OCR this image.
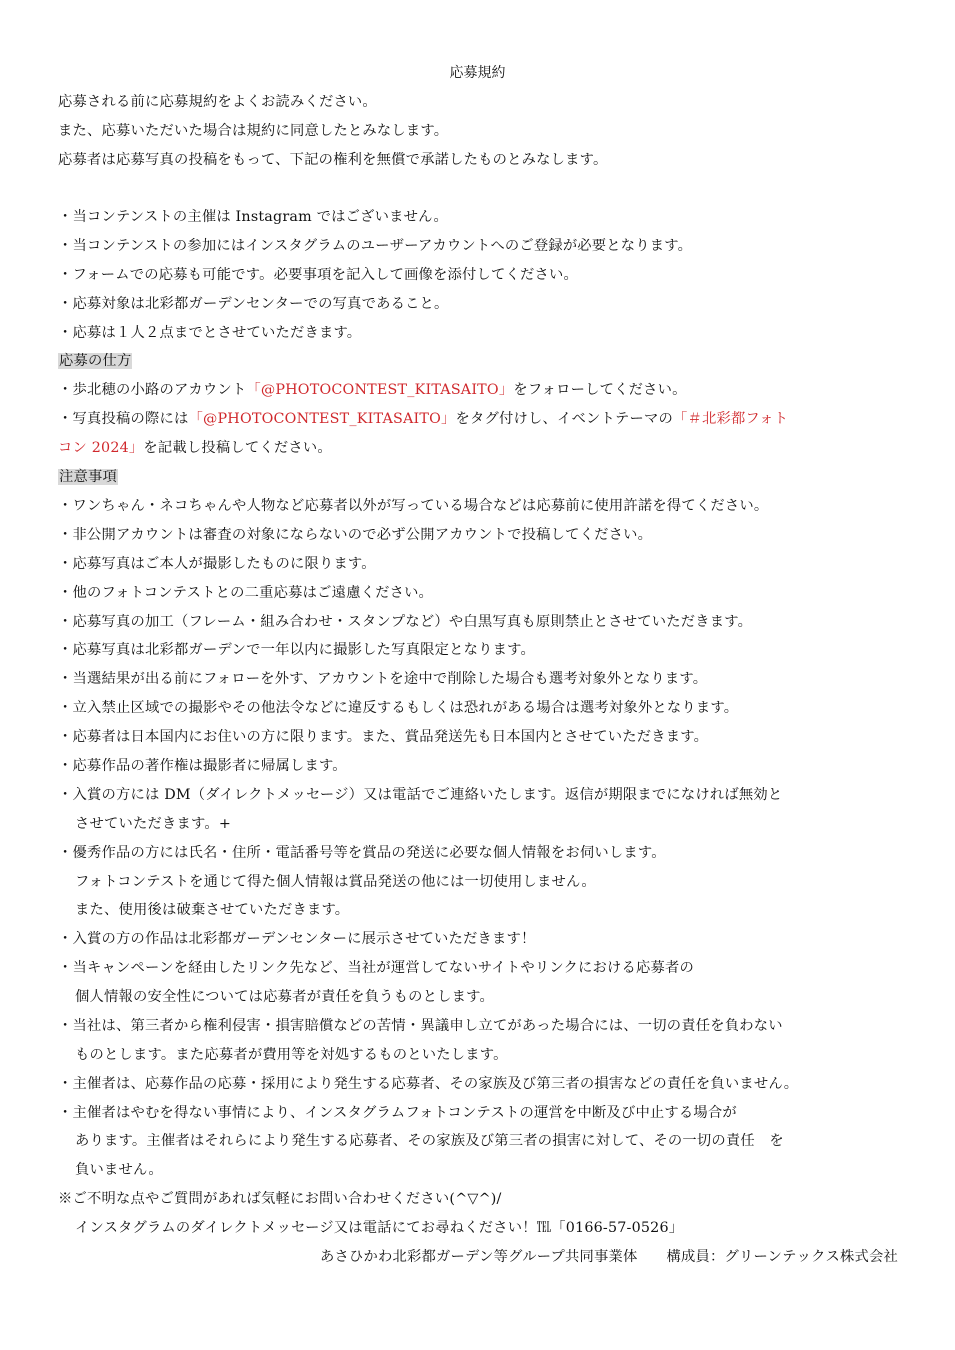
応募規約
応募される前に応募規約をよくお読みください。
また、応募いただいた場合は規約に同意したとみなします。
応募者は応募写真の投稿をもって、下記の権利を無償で承諾したものとみなします。
・当コンテンストの主催は Instagram ではございません。
・当コンテンストの参加にはインスタグラムのユーザーアカウントへのご登録が必要となります。
・フォームでの応募も可能です。必要事項を記入して画像を添付してください。
・応募対象は北彩都ガーデンセンターでの写真であること。
・応募は１人２点までとさせていただきます。
応募の仕方
・歩北穂の小路のアカウント「@PHOTOCONTEST_KITASAITO」をフォローしてください。
・写真投稿の際には「@PHOTOCONTEST_KITASAITO」をタグ付けし、イベントテーマの「＃北彩都フォト
コン 2024」を記載し投稿してください。
注意事項
・ワンちゃん・ネコちゃんや人物など応募者以外が写っている場合などは応募前に使用許諾を得てください。
・非公開アカウントは審査の対象にならないので必ず公開アカウントで投稿してください。
・応募写真はご本人が撮影したものに限ります。
・他のフォトコンテストとの二重応募はご遠慮ください。
・応募写真の加工（フレーム・組み合わせ・スタンプなど）や白黒写真も原則禁止とさせていただきます。
・応募写真は北彩都ガーデンで一年以内に撮影した写真限定となります。
・当選結果が出る前にフォローを外す、アカウントを途中で削除した場合も選考対象外となります。
・立入禁止区域での撮影やその他法令などに違反するもしくは恐れがある場合は選考対象外となります。
・応募者は日本国内にお住いの方に限ります。また、賞品発送先も日本国内とさせていただきます。
・応募作品の著作権は撮影者に帰属します。
・入賞の方には DM（ダイレクトメッセージ）又は電話でご連絡いたします。返信が期限までになければ無効と
させていただきます。+
・優秀作品の方には氏名・住所・電話番号等を賞品の発送に必要な個人情報をお伺いします。
フォトコンテストを通じて得た個人情報は賞品発送の他には一切使用しません。
また、使用後は破棄させていただきます。
・入賞の方の作品は北彩都ガーデンセンターに展示させていただきます！
・当キャンペーンを経由したリンク先など、当社が運営してないサイトやリンクにおける応募者の
個人情報の安全性については応募者が責任を負うものとします。
・当社は、第三者から権利侵害・損害賠償などの苦情・異議申し立てがあった場合には、一切の責任を負わない
ものとします。また応募者が費用等を対処するものといたします。
・主催者は、応募作品の応募・採用により発生する応募者、その家族及び第三者の損害などの責任を負いません。
・主催者はやむを得ない事情により、インスタグラムフォトコンテストの運営を中断及び中止する場合が
あります。主催者はそれらにより発生する応募者、その家族及び第三者の損害に対して、その一切の責任　を
負いません。
※ご不明な点やご質問があれば気軽にお問い合わせください(^▽^)/
インスタグラムのダイレクトメッセージ又は電話にてお尋ねください！℡「0166-57-0526」
あさひかわ北彩都ガーデン等グループ共同事業体　　構成員：グリーンテックス株式会社
